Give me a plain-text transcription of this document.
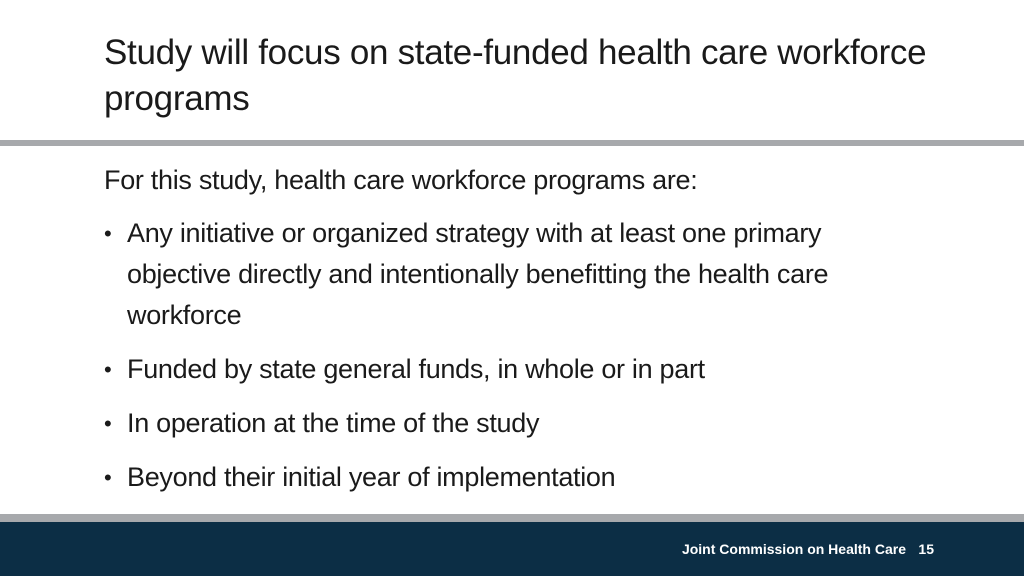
Study will focus on state-funded health care workforce programs

For this study, health care workforce programs are:

• Any initiative or organized strategy with at least one primary objective directly and intentionally benefitting the health care workforce
• Funded by state general funds, in whole or in part
• In operation at the time of the study
• Beyond their initial year of implementation
Joint Commission on Health Care 15
